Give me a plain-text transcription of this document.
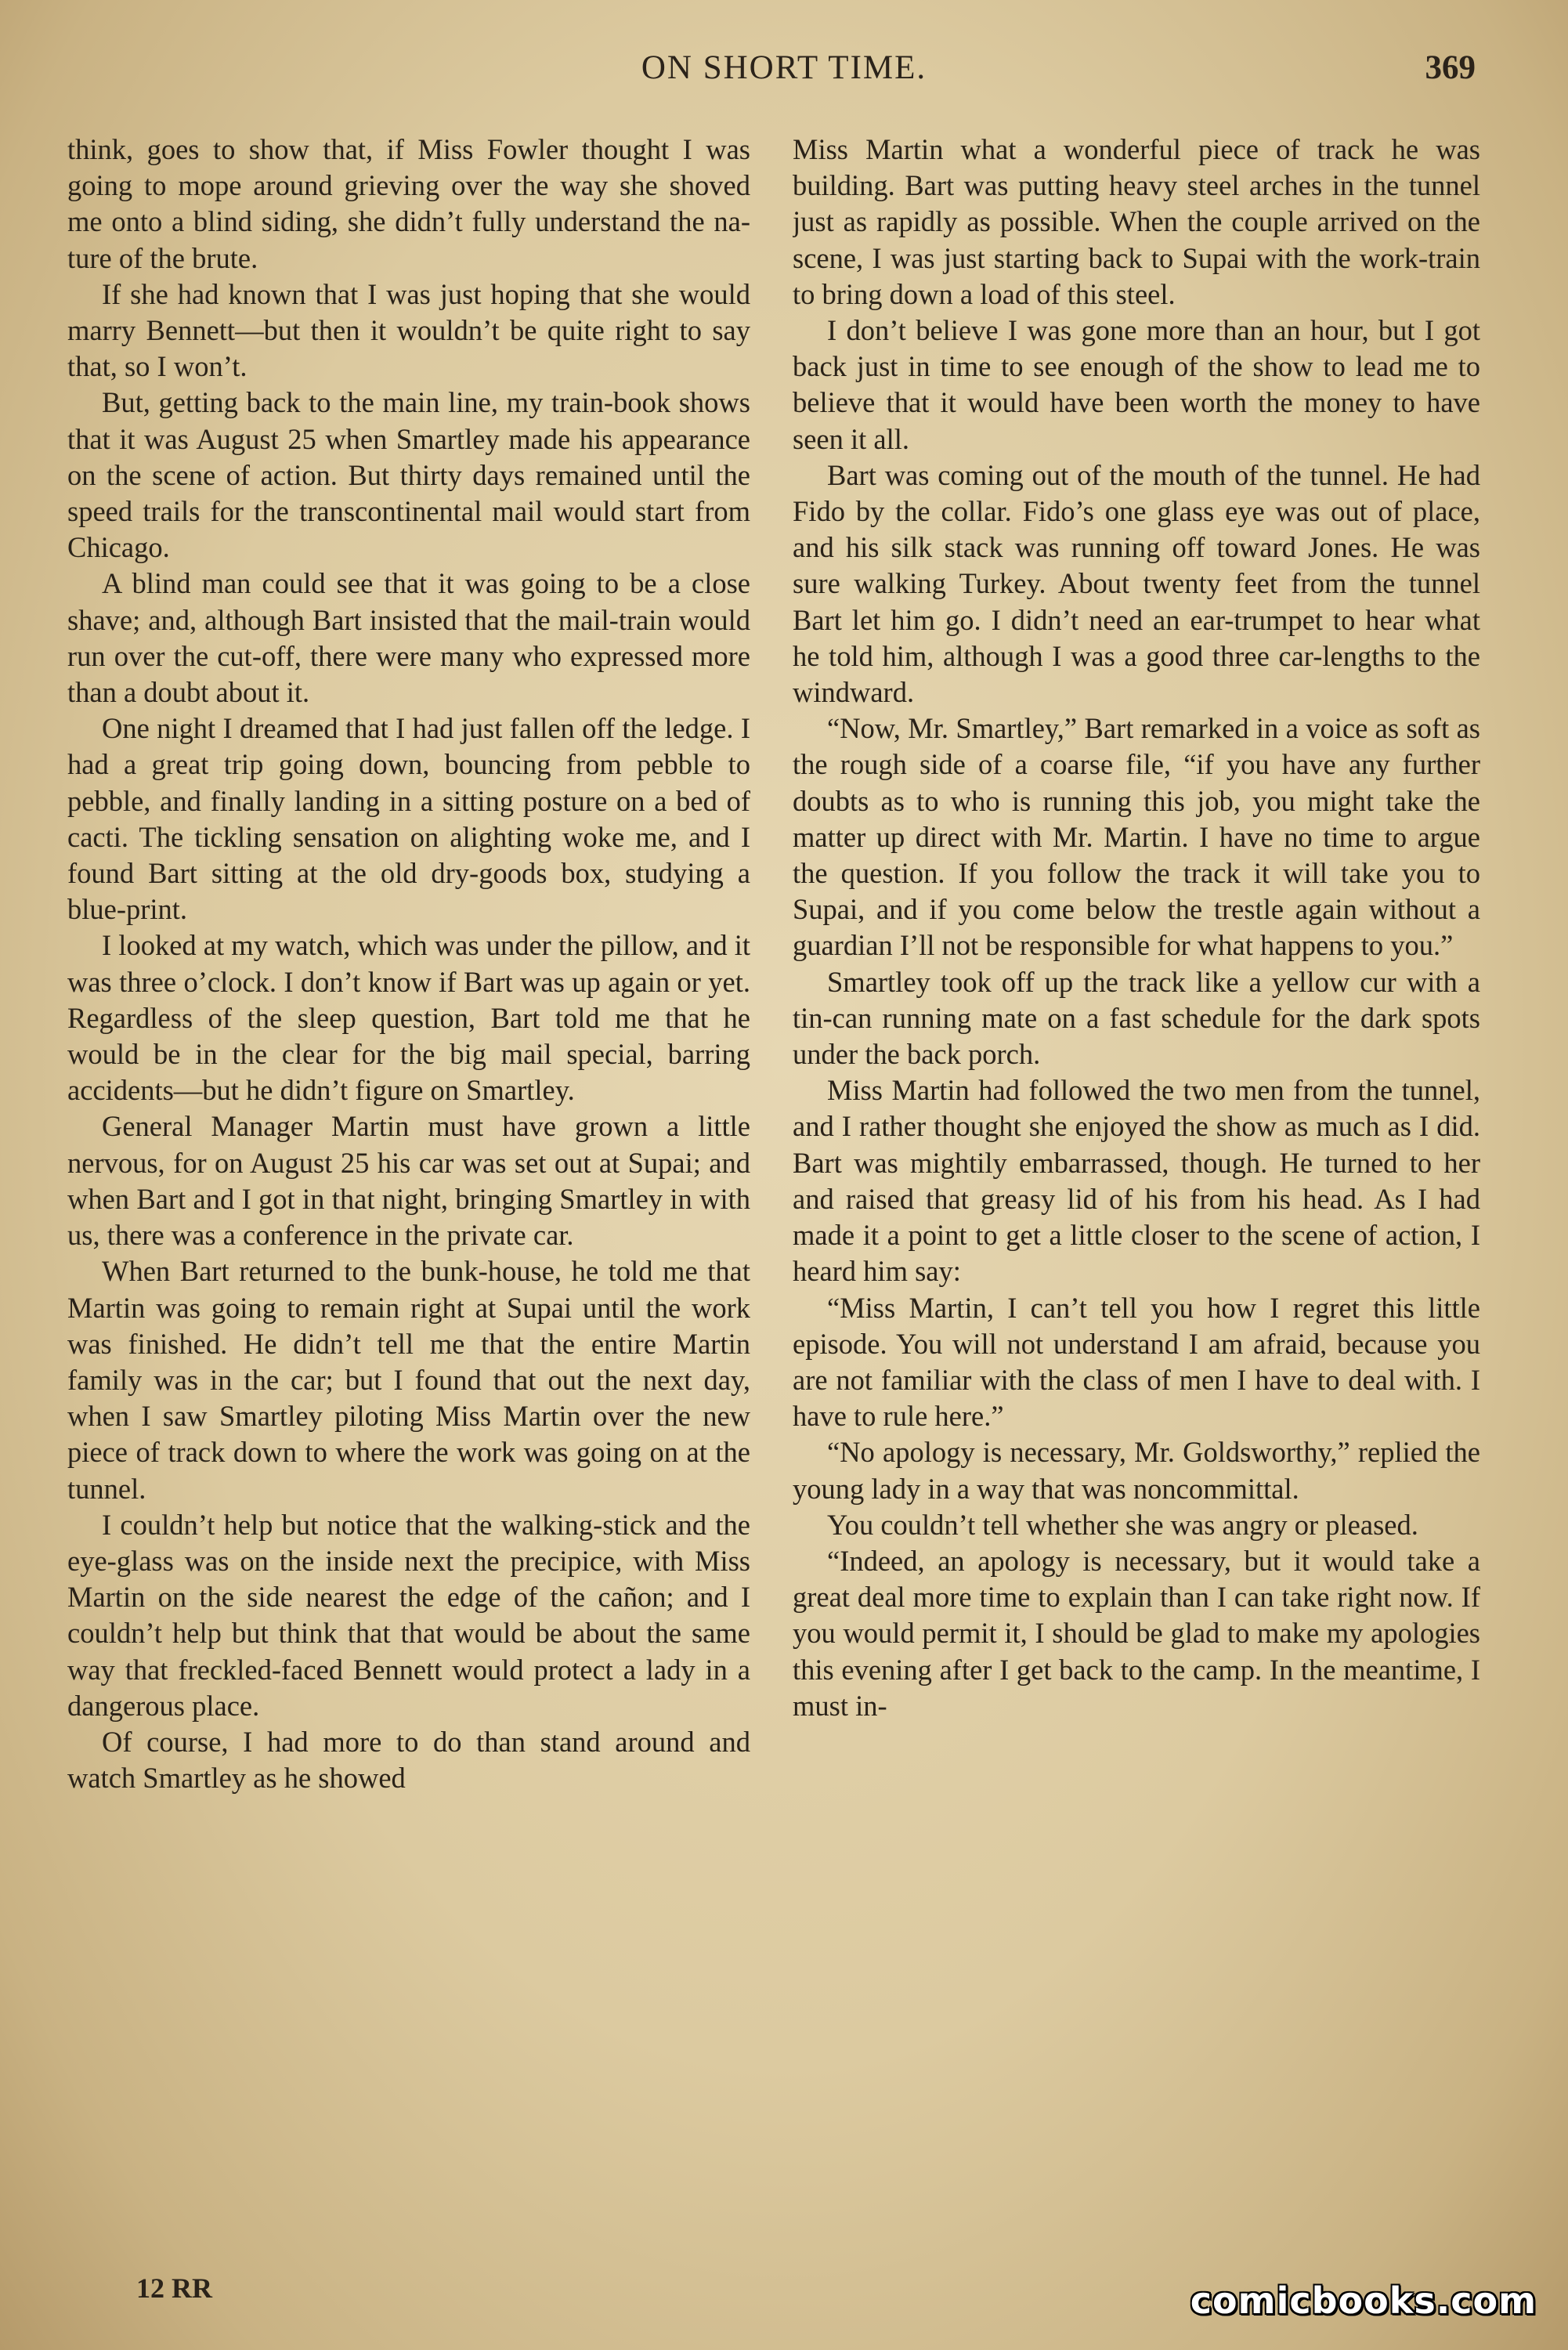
ON SHORT TIME.	369

think, goes to show that, if Miss Fowler thought I was going to mope around grieving over the way she shoved me onto a blind siding, she didn’t fully understand the nature of the brute.

If she had known that I was just hoping that she would marry Bennett—but then it wouldn’t be quite right to say that, so I won’t.

But, getting back to the main line, my train-book shows that it was August 25 when Smartley made his appearance on the scene of action. But thirty days remained until the speed trails for the transcontinental mail would start from Chicago.

A blind man could see that it was going to be a close shave; and, although Bart insisted that the mail-train would run over the cut-off, there were many who expressed more than a doubt about it.

One night I dreamed that I had just fallen off the ledge. I had a great trip going down, bouncing from pebble to pebble, and finally landing in a sitting posture on a bed of cacti. The tickling sensation on alighting woke me, and I found Bart sitting at the old dry-goods box, studying a blue-print.

I looked at my watch, which was under the pillow, and it was three o’clock. I don’t know if Bart was up again or yet. Regardless of the sleep question, Bart told me that he would be in the clear for the big mail special, barring accidents—but he didn’t figure on Smartley.

General Manager Martin must have grown a little nervous, for on August 25 his car was set out at Supai; and when Bart and I got in that night, bringing Smartley in with us, there was a conference in the private car.

When Bart returned to the bunk-house, he told me that Martin was going to remain right at Supai until the work was finished. He didn’t tell me that the entire Martin family was in the car; but I found that out the next day, when I saw Smartley piloting Miss Martin over the new piece of track down to where the work was going on at the tunnel.

I couldn’t help but notice that the walking-stick and the eye-glass was on the inside next the precipice, with Miss Martin on the side nearest the edge of the cañon; and I couldn’t help but think that that would be about the same way that freckled-faced Bennett would protect a lady in a dangerous place.

Of course, I had more to do than stand around and watch Smartley as he showed

Miss Martin what a wonderful piece of track he was building. Bart was putting heavy steel arches in the tunnel just as rapidly as possible. When the couple arrived on the scene, I was just starting back to Supai with the work-train to bring down a load of this steel.

I don’t believe I was gone more than an hour, but I got back just in time to see enough of the show to lead me to believe that it would have been worth the money to have seen it all.

Bart was coming out of the mouth of the tunnel. He had Fido by the collar. Fido’s one glass eye was out of place, and his silk stack was running off toward Jones. He was sure walking Turkey. About twenty feet from the tunnel Bart let him go. I didn’t need an ear-trumpet to hear what he told him, although I was a good three car-lengths to the windward.

“Now, Mr. Smartley,” Bart remarked in a voice as soft as the rough side of a coarse file, “if you have any further doubts as to who is running this job, you might take the matter up direct with Mr. Martin. I have no time to argue the question. If you follow the track it will take you to Supai, and if you come below the trestle again without a guardian I’ll not be responsible for what happens to you.”

Smartley took off up the track like a yellow cur with a tin-can running mate on a fast schedule for the dark spots under the back porch.

Miss Martin had followed the two men from the tunnel, and I rather thought she enjoyed the show as much as I did. Bart was mightily embarrassed, though. He turned to her and raised that greasy lid of his from his head. As I had made it a point to get a little closer to the scene of action, I heard him say:

“Miss Martin, I can’t tell you how I regret this little episode. You will not understand I am afraid, because you are not familiar with the class of men I have to deal with. I have to rule here.”

“No apology is necessary, Mr. Goldsworthy,” replied the young lady in a way that was noncommittal.

You couldn’t tell whether she was angry or pleased.

“Indeed, an apology is necessary, but it would take a great deal more time to explain than I can take right now. If you would permit it, I should be glad to make my apologies this evening after I get back to the camp. In the meantime, I must in-

12 RR	comicbooks.com
